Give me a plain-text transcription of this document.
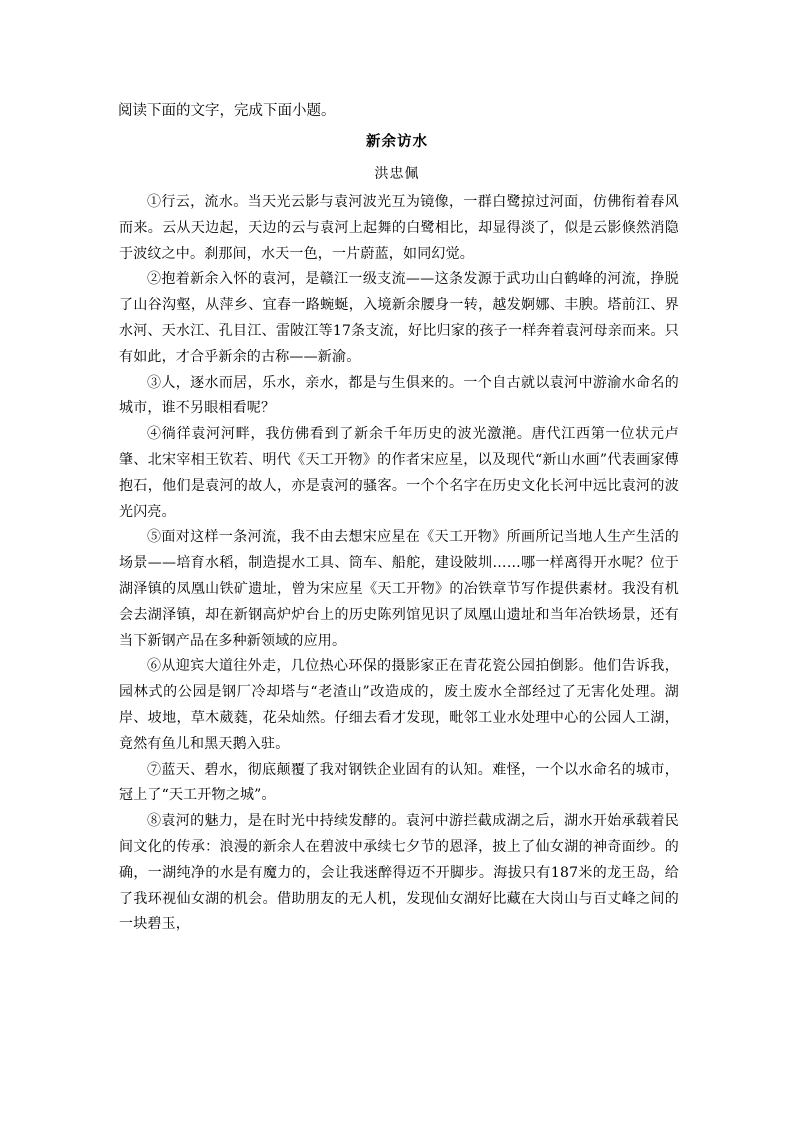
阅读下面的文字，完成下面小题。
新余访水
洪忠佩

①行云，流水。当天光云影与袁河波光互为镜像，一群白鹭掠过河面，仿佛衔着春风而来。云从天边起，天边的云与袁河上起舞的白鹭相比，却显得淡了，似是云影倏然消隐于波纹之中。刹那间，水天一色，一片蔚蓝，如同幻觉。

②抱着新余入怀的袁河，是赣江一级支流——这条发源于武功山白鹤峰的河流，挣脱了山谷沟壑，从萍乡、宜春一路蜿蜒，入境新余腰身一转，越发婀娜、丰腴。塔前江、界水河、天水江、孔目江、雷陂江等17条支流，好比归家的孩子一样奔着袁河母亲而来。只有如此，才合乎新余的古称——新渝。

③人，逐水而居，乐水，亲水，都是与生俱来的。一个自古就以袁河中游渝水命名的城市，谁不另眼相看呢？

④徜徉袁河河畔，我仿佛看到了新余千年历史的波光激滟。唐代江西第一位状元卢肇、北宋宰相王钦若、明代《天工开物》的作者宋应星，以及现代“新山水画”代表画家傅抱石，他们是袁河的故人，亦是袁河的骚客。一个个名字在历史文化长河中远比袁河的波光闪亮。

⑤面对这样一条河流，我不由去想宋应星在《天工开物》所画所记当地人生产生活的场景——培育水稻，制造提水工具、筒车、船舵，建设陂圳……哪一样离得开水呢？位于湖泽镇的凤凰山铁矿遗址，曾为宋应星《天工开物》的冶铁章节写作提供素材。我没有机会去湖泽镇，却在新钢高炉炉台上的历史陈列馆见识了凤凰山遗址和当年冶铁场景，还有当下新钢产品在多种新领域的应用。

⑥从迎宾大道往外走，几位热心环保的摄影家正在青花瓷公园拍倒影。他们告诉我，园林式的公园是钢厂冷却塔与“老渣山”改造成的，废土废水全部经过了无害化处理。湖岸、坡地，草木葳蕤，花朵灿然。仔细去看才发现，毗邻工业水处理中心的公园人工湖，竟然有鱼儿和黑天鹅入驻。

⑦蓝天、碧水，彻底颠覆了我对钢铁企业固有的认知。难怪，一个以水命名的城市，冠上了“天工开物之城”。

⑧袁河的魅力，是在时光中持续发酵的。袁河中游拦截成湖之后，湖水开始承载着民间文化的传承：浪漫的新余人在碧波中承续七夕节的恩泽，披上了仙女湖的神奇面纱。的确，一湖纯净的水是有魔力的，会让我迷醉得迈不开脚步。海拔只有187米的龙王岛，给了我环视仙女湖的机会。借助朋友的无人机，发现仙女湖好比藏在大岗山与百丈峰之间的一块碧玉，
